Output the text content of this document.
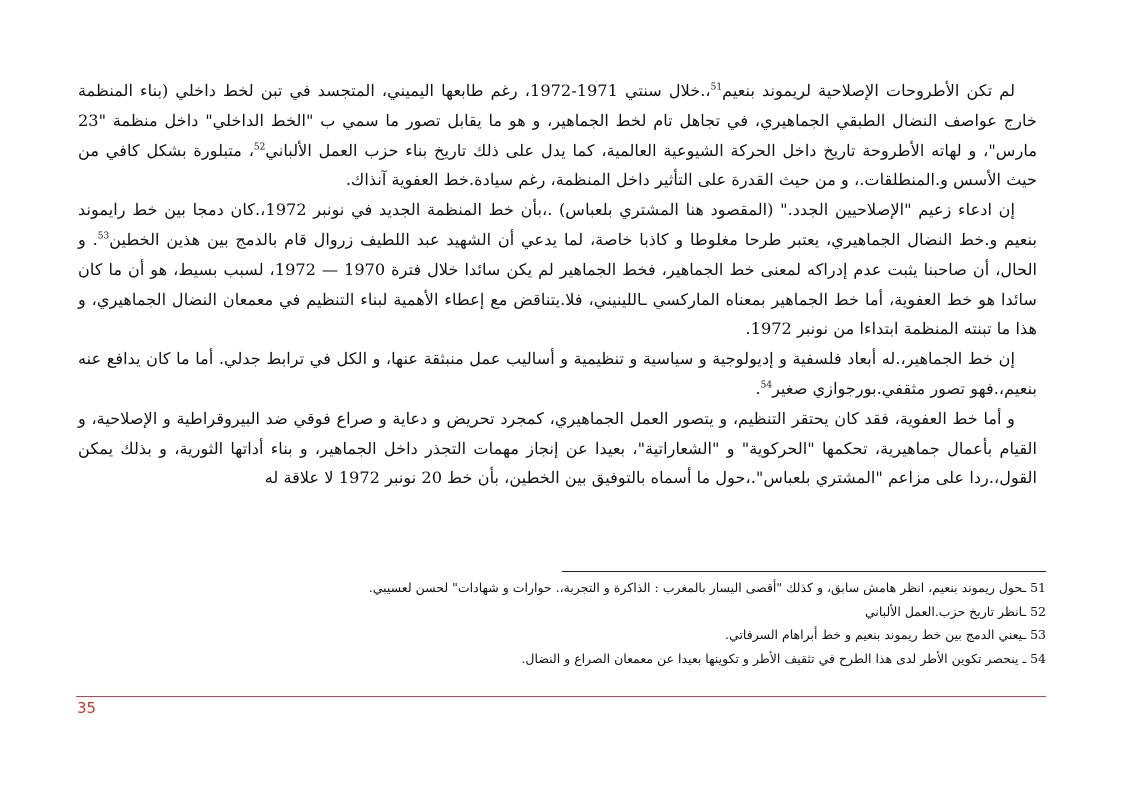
لم تكن الأطروحات الإصلاحية لريموند بنعيم$^{51}$،.خلال سنتي 1971-1972، رغم طابعها اليميني، المتجسد في تبن لخط داخلي (بناء المنظمة خارج عواصف النضال الطبقي الجماهيري، في تجاهل تام لخط الجماهير، و هو ما يقابل تصور ما سمي ب "الخط الداخلي" داخل منظمة "23 مارس"، و لهاته الأطروحة تاريخ داخل الحركة الشيوعية العالمية، كما يدل على ذلك تاريخ بناء حزب العمل الألباني$^{52}$، متبلورة بشكل كافي من حيث الأسس و.المنطلقات.، و من حيث القدرة على التأثير داخل المنظمة، رغم سيادة.خط العفوية آنذاك.

إن ادعاء زعيم "الإصلاحيين الجدد." (المقصود هنا المشتري بلعباس) .،بأن خط المنظمة الجديد في نونبر 1972،.كان دمجا بين خط رايموند بنعيم و.خط النضال الجماهيري، يعتبر طرحا مغلوطا و كاذبا خاصة، لما يدعي أن الشهيد عبد اللطيف زروال قام بالدمج بين هذين الخطين$^{53}$. و الحال، أن صاحبنا يثبت عدم إدراكه لمعنى خط الجماهير، فخط الجماهير لم يكن سائدا خلال فترة 1970 — 1972، لسبب بسيط، هو أن ما كان سائدا هو خط العفوية، أما خط الجماهير بمعناه الماركسي ـاللينيني، فلا.يتناقض مع إعطاء الأهمية لبناء التنظيم في معمعان النضال الجماهيري، و هذا ما تبنته المنظمة ابتداءا من نونبر 1972.

إن خط الجماهير،.له أبعاد فلسفية و إديولوجية و سياسية و تنظيمية و أساليب عمل منبثقة عنها، و الكل في ترابط جدلي. أما ما كان يدافع عنه بنعيم،.فهو تصور مثقفي.بورجوازي صغير$^{54}$.

و أما خط العفوية، فقد كان يحتقر التنظيم، و يتصور العمل الجماهيري، كمجرد تحريض و دعاية و صراع فوقي ضد البيروقراطية و الإصلاحية، و القيام بأعمال جماهيرية، تحكمها "الحركوية" و "الشعاراتية"، بعيدا عن إنجاز مهمات التجذر داخل الجماهير، و بناء أداتها الثورية، و بذلك يمكن القول،.ردا على مزاعم "المشتري بلعباس".،حول ما أسماه بالتوفيق بين الخطين، بأن خط 20 نونبر 1972 لا علاقة له

51 ـحول ريموند بنعيم، انظر هامش سابق، و كذلك "أقصى اليسار بالمغرب : الذاكرة و التجربة،. حوارات و شهادات" لحسن لعسيبي.

52 ـانظر تاريخ حزب.العمل الألباني

53 ـيعني الدمج بين خط ريموند بنعيم و خط أبراهام السرفاتي.

54 ـ ينحصر تكوين الأطر لدى هذا الطرح في تثقيف الأطر و تكوينها بعيدا عن معمعان الصراع و النضال.

35
